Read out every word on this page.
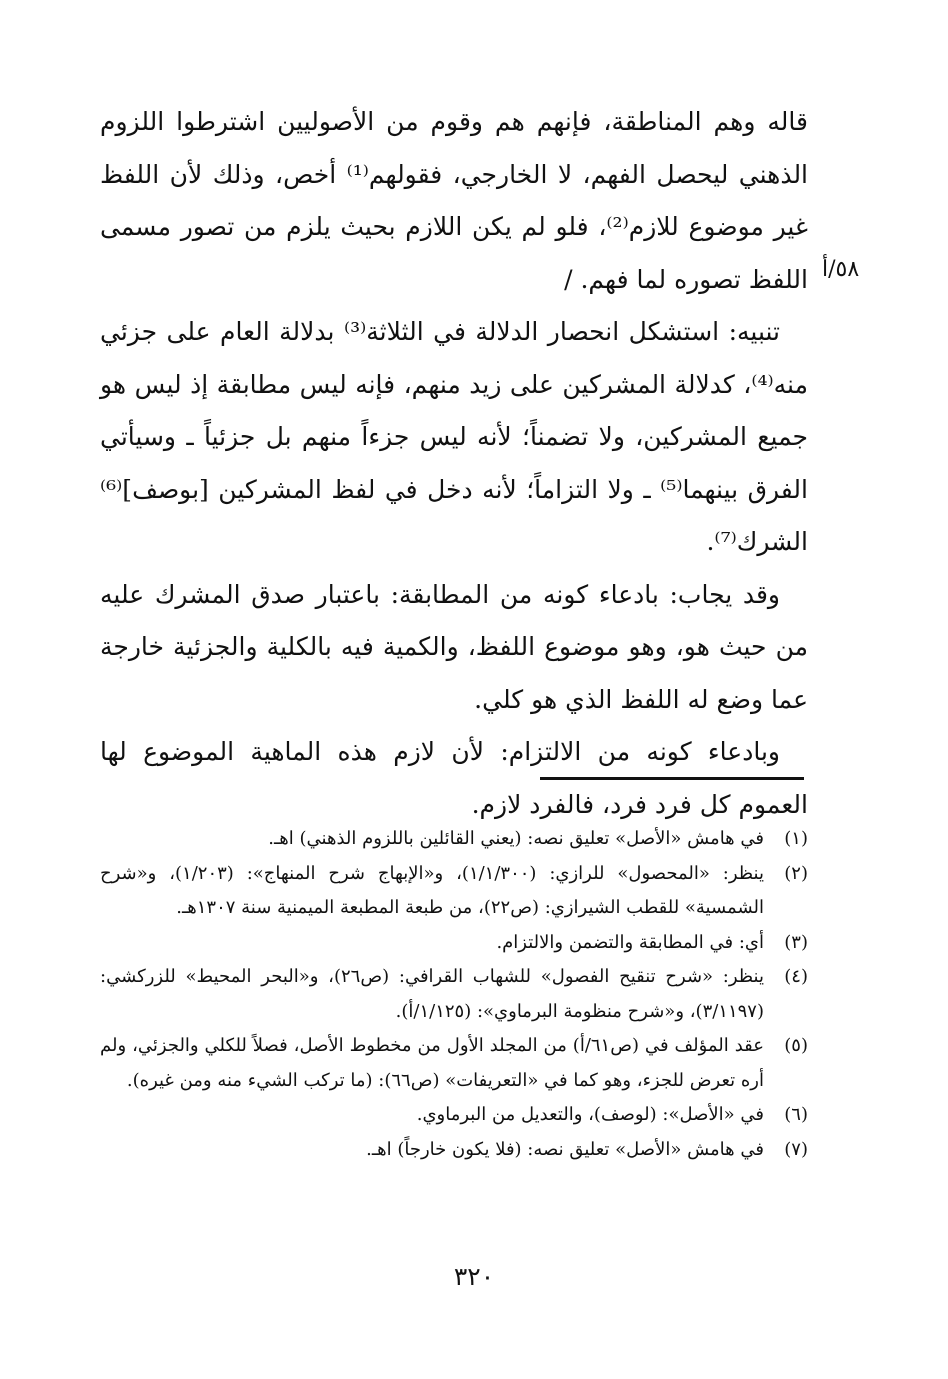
قاله وهم المناطقة، فإنهم هم وقوم من الأصوليين اشترطوا اللزوم الذهني ليحصل الفهم، لا الخارجي، فقولهم⁽¹⁾ أخص، وذلك لأن اللفظ غير موضوع للازم⁽²⁾، فلو لم يكن اللازم بحيث يلزم من تصور مسمى اللفظ تصوره لما فهم. /

تنبيه: استشكل انحصار الدلالة في الثلاثة⁽³⁾ بدلالة العام على جزئي منه⁽⁴⁾، كدلالة المشركين على زيد منهم، فإنه ليس مطابقة إذ ليس هو جميع المشركين، ولا تضمناً؛ لأنه ليس جزءاً منهم بل جزئياً ـ وسيأتي الفرق بينهما⁽⁵⁾ ـ ولا التزاماً؛ لأنه دخل في لفظ المشركين [بوصف]⁽⁶⁾ الشرك⁽⁷⁾.

وقد يجاب: بادعاء كونه من المطابقة: باعتبار صدق المشرك عليه من حيث هو، وهو موضوع اللفظ، والكمية فيه بالكلية والجزئية خارجة عما وضع له اللفظ الذي هو كلي.

وبادعاء كونه من الالتزام: لأن لازم هذه الماهية الموضوع لها العموم كل فرد فرد، فالفرد لازم.

٥٨/أ
(١)
في هامش «الأصل» تعليق نصه: (يعني القائلين باللزوم الذهني) اهـ.
(٢)
ينظر: «المحصول» للرازي: (١/١/٣٠٠)، و«الإبهاج شرح المنهاج»: (١/٢٠٣)، و«شرح الشمسية» للقطب الشيرازي: (ص٢٢)، من طبعة المطبعة الميمنية سنة ١٣٠٧هـ.
(٣)
أي: في المطابقة والتضمن والالتزام.
(٤)
ينظر: «شرح تنقيح الفصول» للشهاب القرافي: (ص٢٦)، و«البحر المحيط» للزركشي: (٣/١١٩٧)، و«شرح منظومة البرماوي»: (١/١٢٥/أ).
(٥)
عقد المؤلف في (ص٦١/أ) من المجلد الأول من مخطوط الأصل، فصلاً للكلي والجزئي، ولم أره تعرض للجزء، وهو كما في «التعريفات» (ص٦٦): (ما تركب الشيء منه ومن غيره).
(٦)
في «الأصل»: (لوصف)، والتعديل من البرماوي.
(٧)
في هامش «الأصل» تعليق نصه: (فلا يكون خارجاً) اهـ.
٣٢٠
